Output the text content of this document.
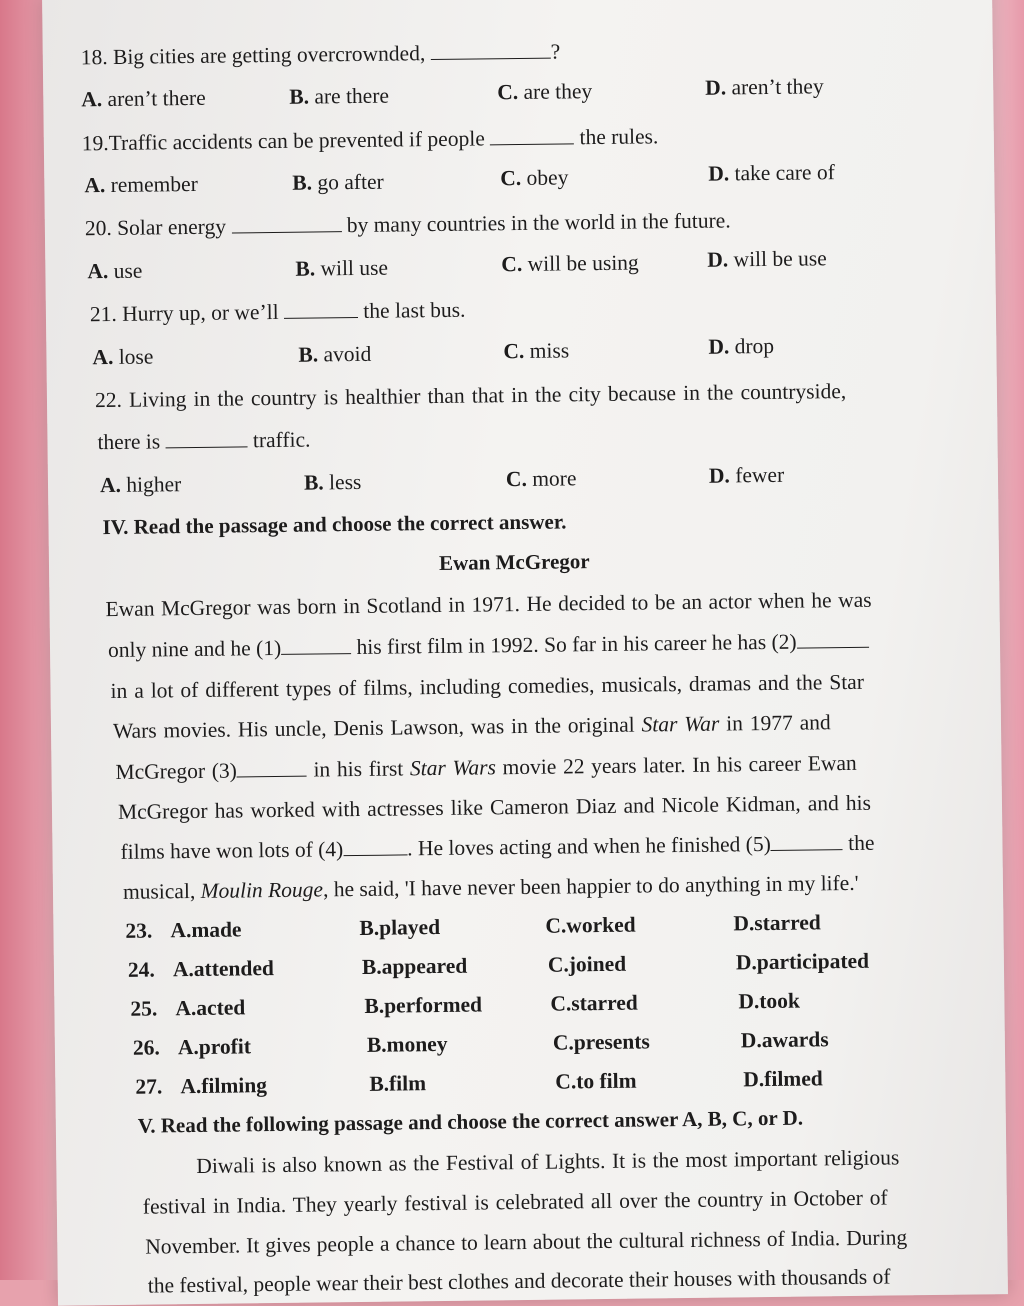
18. Big cities are getting overcrownded,	?
A. aren’t there	B. are there	C. are they	D. aren’t they
19.Traffic accidents can be prevented if people	the rules.
A. remember	B. go after	C. obey	D. take care of
20. Solar energy	by many countries in the world in the future.
A. use	B. will use	C. will be using	D. will be use
21. Hurry up, or we’ll	the last bus.
A. lose	B. avoid	C. miss	D. drop
22. Living in the country is healthier than that in the city because in the countryside,
there is	traffic.
A. higher	B. less	C. more	D. fewer
IV. Read the passage and choose the correct answer.
Ewan McGregor
Ewan McGregor was born in Scotland in 1971. He decided to be an actor when he was
only nine and he (1)	his first film in 1992. So far in his career he has (2)
in a lot of different types of films, including comedies, musicals, dramas and the Star
Wars movies. His uncle, Denis Lawson, was in the original Star War in 1977 and
McGregor (3)	in his first Star Wars movie 22 years later. In his career Ewan
McGregor has worked with actresses like Cameron Diaz and Nicole Kidman, and his
films have won lots of (4)	. He loves acting and when he finished (5)	the
musical, Moulin Rouge, he said, 'I have never been happier to do anything in my life.'
23. A.made	B.played	C.worked	D.starred
24. A.attended	B.appeared	C.joined	D.participated
25. A.acted	B.performed	C.starred	D.took
26. A.profit	B.money	C.presents	D.awards
27. A.filming	B.film	C.to film	D.filmed
V. Read the following passage and choose the correct answer A, B, C, or D.
Diwali is also known as the Festival of Lights. It is the most important religious
festival in India. They yearly festival is celebrated all over the country in October of
November. It gives people a chance to learn about the cultural richness of India. During
the festival, people wear their best clothes and decorate their houses with thousands of
